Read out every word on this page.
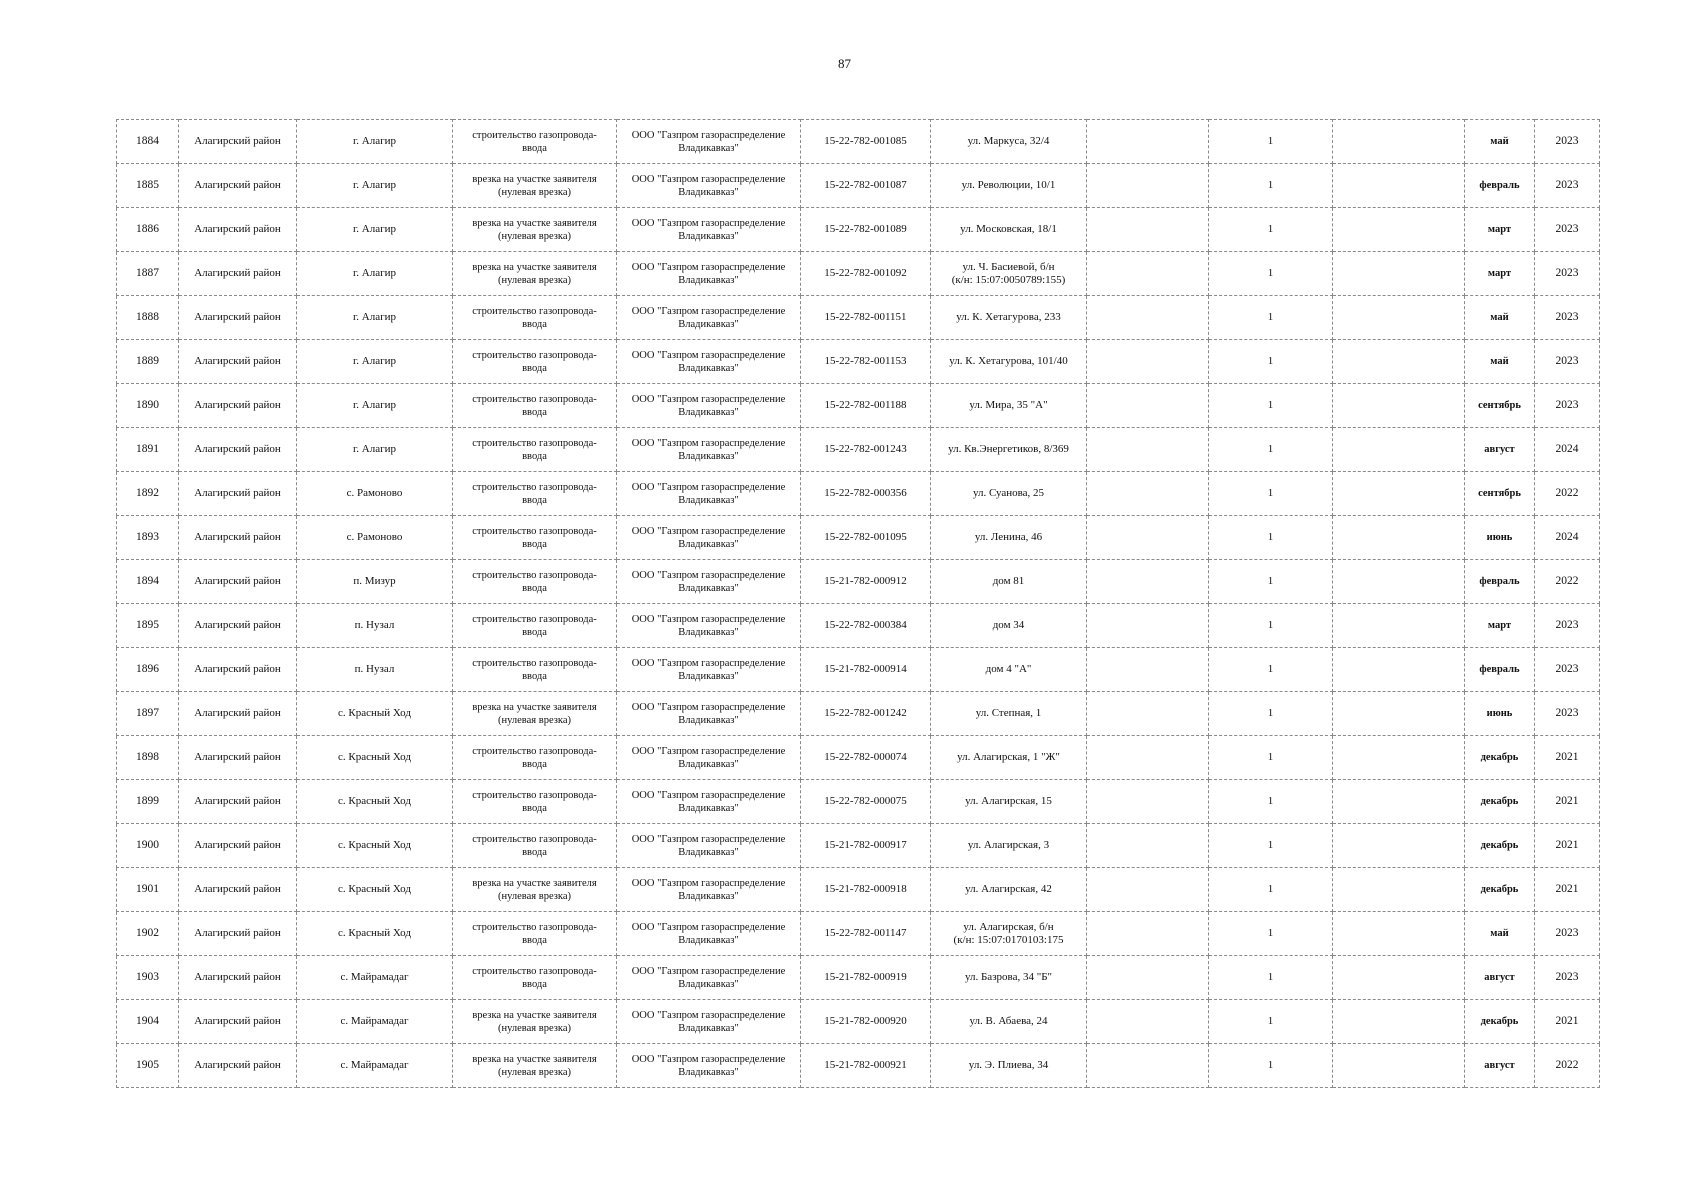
87
1884	Алагирский район	г. Алагир	строительство газопровода-
ввода	ООО "Газпром газораспределение
Владикавказ"	15-22-782-001085	ул. Маркуса, 32/4		1		май	2023
1885	Алагирский район	г. Алагир	врезка на участке заявителя
(нулевая врезка)	ООО "Газпром газораспределение
Владикавказ"	15-22-782-001087	ул. Революции, 10/1		1		февраль	2023
1886	Алагирский район	г. Алагир	врезка на участке заявителя
(нулевая врезка)	ООО "Газпром газораспределение
Владикавказ"	15-22-782-001089	ул. Московская, 18/1		1		март	2023
1887	Алагирский район	г. Алагир	врезка на участке заявителя
(нулевая врезка)	ООО "Газпром газораспределение
Владикавказ"	15-22-782-001092	ул. Ч. Басиевой, б/н
(к/н: 15:07:0050789:155)		1		март	2023
1888	Алагирский район	г. Алагир	строительство газопровода-
ввода	ООО "Газпром газораспределение
Владикавказ"	15-22-782-001151	ул. К. Хетагурова, 233		1		май	2023
1889	Алагирский район	г. Алагир	строительство газопровода-
ввода	ООО "Газпром газораспределение
Владикавказ"	15-22-782-001153	ул. К. Хетагурова, 101/40		1		май	2023
1890	Алагирский район	г. Алагир	строительство газопровода-
ввода	ООО "Газпром газораспределение
Владикавказ"	15-22-782-001188	ул. Мира, 35 "А"		1		сентябрь	2023
1891	Алагирский район	г. Алагир	строительство газопровода-
ввода	ООО "Газпром газораспределение
Владикавказ"	15-22-782-001243	ул. Кв.Энергетиков, 8/369		1		август	2024
1892	Алагирский район	с. Рамоново	строительство газопровода-
ввода	ООО "Газпром газораспределение
Владикавказ"	15-22-782-000356	ул. Суанова, 25		1		сентябрь	2022
1893	Алагирский район	с. Рамоново	строительство газопровода-
ввода	ООО "Газпром газораспределение
Владикавказ"	15-22-782-001095	ул. Ленина, 46		1		июнь	2024
1894	Алагирский район	п. Мизур	строительство газопровода-
ввода	ООО "Газпром газораспределение
Владикавказ"	15-21-782-000912	дом 81		1		февраль	2022
1895	Алагирский район	п. Нузал	строительство газопровода-
ввода	ООО "Газпром газораспределение
Владикавказ"	15-22-782-000384	дом 34		1		март	2023
1896	Алагирский район	п. Нузал	строительство газопровода-
ввода	ООО "Газпром газораспределение
Владикавказ"	15-21-782-000914	дом 4 "А"		1		февраль	2023
1897	Алагирский район	с. Красный Ход	врезка на участке заявителя
(нулевая врезка)	ООО "Газпром газораспределение
Владикавказ"	15-22-782-001242	ул. Степная, 1		1		июнь	2023
1898	Алагирский район	с. Красный Ход	строительство газопровода-
ввода	ООО "Газпром газораспределение
Владикавказ"	15-22-782-000074	ул. Алагирская, 1 "Ж"		1		декабрь	2021
1899	Алагирский район	с. Красный Ход	строительство газопровода-
ввода	ООО "Газпром газораспределение
Владикавказ"	15-22-782-000075	ул. Алагирская, 15		1		декабрь	2021
1900	Алагирский район	с. Красный Ход	строительство газопровода-
ввода	ООО "Газпром газораспределение
Владикавказ"	15-21-782-000917	ул. Алагирская, 3		1		декабрь	2021
1901	Алагирский район	с. Красный Ход	врезка на участке заявителя
(нулевая врезка)	ООО "Газпром газораспределение
Владикавказ"	15-21-782-000918	ул. Алагирская, 42		1		декабрь	2021
1902	Алагирский район	с. Красный Ход	строительство газопровода-
ввода	ООО "Газпром газораспределение
Владикавказ"	15-22-782-001147	ул. Алагирская, б/н
(к/н: 15:07:0170103:175		1		май	2023
1903	Алагирский район	с. Майрамадаг	строительство газопровода-
ввода	ООО "Газпром газораспределение
Владикавказ"	15-21-782-000919	ул. Базрова, 34 "Б"		1		август	2023
1904	Алагирский район	с. Майрамадаг	врезка на участке заявителя
(нулевая врезка)	ООО "Газпром газораспределение
Владикавказ"	15-21-782-000920	ул. В. Абаева, 24		1		декабрь	2021
1905	Алагирский район	с. Майрамадаг	врезка на участке заявителя
(нулевая врезка)	ООО "Газпром газораспределение
Владикавказ"	15-21-782-000921	ул. Э. Плиева, 34		1		август	2022
